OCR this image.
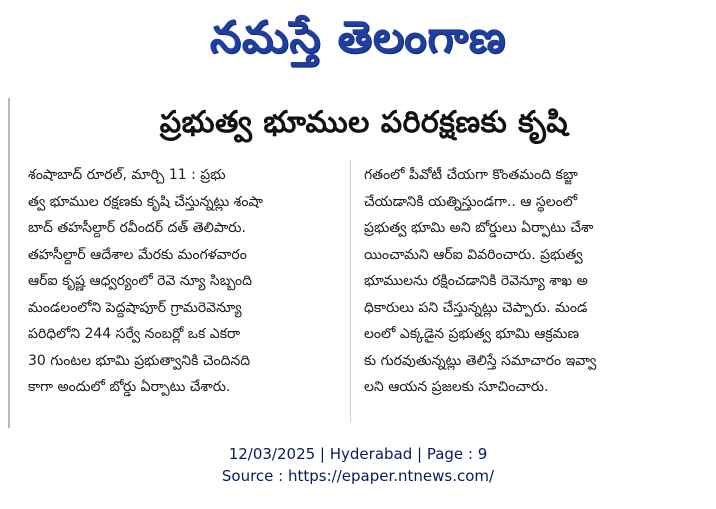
నమస్తే తెలంగాణ
ప్రభుత్వ భూముల పరిరక్షణకు కృషి
శంషాబాద్ రూరల్, మార్చి 11 : ప్రభు
త్వ భూముల రక్షణకు కృషి చేస్తున్నట్లు శంషా
బాద్ తహసీల్దార్ రవీందర్ దత్ తెలిపారు.
తహసీల్దార్ ఆదేశాల మేరకు మంగళవారం
ఆర్ఐ కృష్ణ ఆధ్వర్యంలో రెవె న్యూ సిబ్బంది
మండలంలోని పెద్దషాపూర్ గ్రామరెవెన్యూ
పరిధిలోని 244 సర్వే నంబర్లో ఒక ఎకరా
30 గుంటల భూమి ప్రభుత్వానికి చెందినది
కాగా అందులో బోర్డు ఏర్పాటు చేశారు.
గతంలో పీవోటీ చేయగా కొంతమంది కబ్జా
చేయడానికి యత్నిస్తుండగా.. ఆ స్థలంలో
ప్రభుత్వ భూమి అని బోర్డులు ఏర్పాటు చేశా
యించామని ఆర్ఐ వివరించారు. ప్రభుత్వ
భూములను రక్షించడానికి రెవెన్యూ శాఖ అ
ధికారులు పని చేస్తున్నట్లు చెప్పారు. మండ
లంలో ఎక్కడైన ప్రభుత్వ భూమి ఆక్రమణ
కు గురవుతున్నట్లు తెలిస్తే సమాచారం ఇవ్వా
లని ఆయన ప్రజలకు సూచించారు.
12/03/2025 | Hyderabad | Page : 9
Source : https://epaper.ntnews.com/
